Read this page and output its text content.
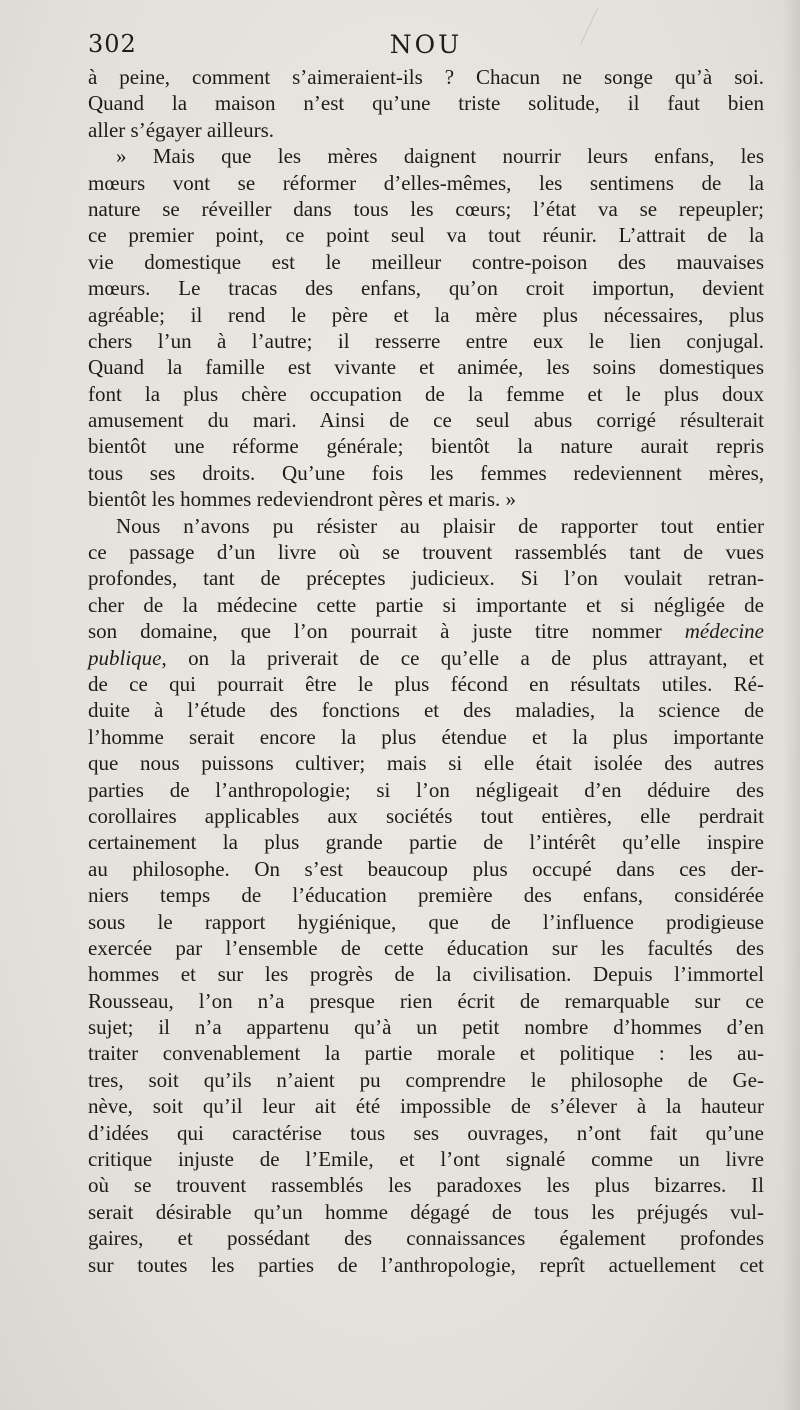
302	NOU
à peine, comment s’aimeraient-ils ? Chacun ne songe qu’à soi.
Quand la maison n’est qu’une triste solitude, il faut bien
aller s’égayer ailleurs.
» Mais que les mères daignent nourrir leurs enfans, les
mœurs vont se réformer d’elles-mêmes, les sentimens de la
nature se réveiller dans tous les cœurs; l’état va se repeupler;
ce premier point, ce point seul va tout réunir. L’attrait de la
vie domestique est le meilleur contre-poison des mauvaises
mœurs. Le tracas des enfans, qu’on croit importun, devient
agréable; il rend le père et la mère plus nécessaires, plus
chers l’un à l’autre; il resserre entre eux le lien conjugal.
Quand la famille est vivante et animée, les soins domestiques
font la plus chère occupation de la femme et le plus doux
amusement du mari. Ainsi de ce seul abus corrigé résulterait
bientôt une réforme générale; bientôt la nature aurait repris
tous ses droits. Qu’une fois les femmes redeviennent mères,
bientôt les hommes redeviendront pères et maris. »
Nous n’avons pu résister au plaisir de rapporter tout entier
ce passage d’un livre où se trouvent rassemblés tant de vues
profondes, tant de préceptes judicieux. Si l’on voulait retran-
cher de la médecine cette partie si importante et si négligée de
son domaine, que l’on pourrait à juste titre nommer médecine
publique, on la priverait de ce qu’elle a de plus attrayant, et
de ce qui pourrait être le plus fécond en résultats utiles. Ré-
duite à l’étude des fonctions et des maladies, la science de
l’homme serait encore la plus étendue et la plus importante
que nous puissons cultiver; mais si elle était isolée des autres
parties de l’anthropologie; si l’on négligeait d’en déduire des
corollaires applicables aux sociétés tout entières, elle perdrait
certainement la plus grande partie de l’intérêt qu’elle inspire
au philosophe. On s’est beaucoup plus occupé dans ces der-
niers temps de l’éducation première des enfans, considérée
sous le rapport hygiénique, que de l’influence prodigieuse
exercée par l’ensemble de cette éducation sur les facultés des
hommes et sur les progrès de la civilisation. Depuis l’immortel
Rousseau, l’on n’a presque rien écrit de remarquable sur ce
sujet; il n’a appartenu qu’à un petit nombre d’hommes d’en
traiter convenablement la partie morale et politique : les au-
tres, soit qu’ils n’aient pu comprendre le philosophe de Ge-
nève, soit qu’il leur ait été impossible de s’élever à la hauteur
d’idées qui caractérise tous ses ouvrages, n’ont fait qu’une
critique injuste de l’Emile, et l’ont signalé comme un livre
où se trouvent rassemblés les paradoxes les plus bizarres. Il
serait désirable qu’un homme dégagé de tous les préjugés vul-
gaires, et possédant des connaissances également profondes
sur toutes les parties de l’anthropologie, reprît actuellement cet
